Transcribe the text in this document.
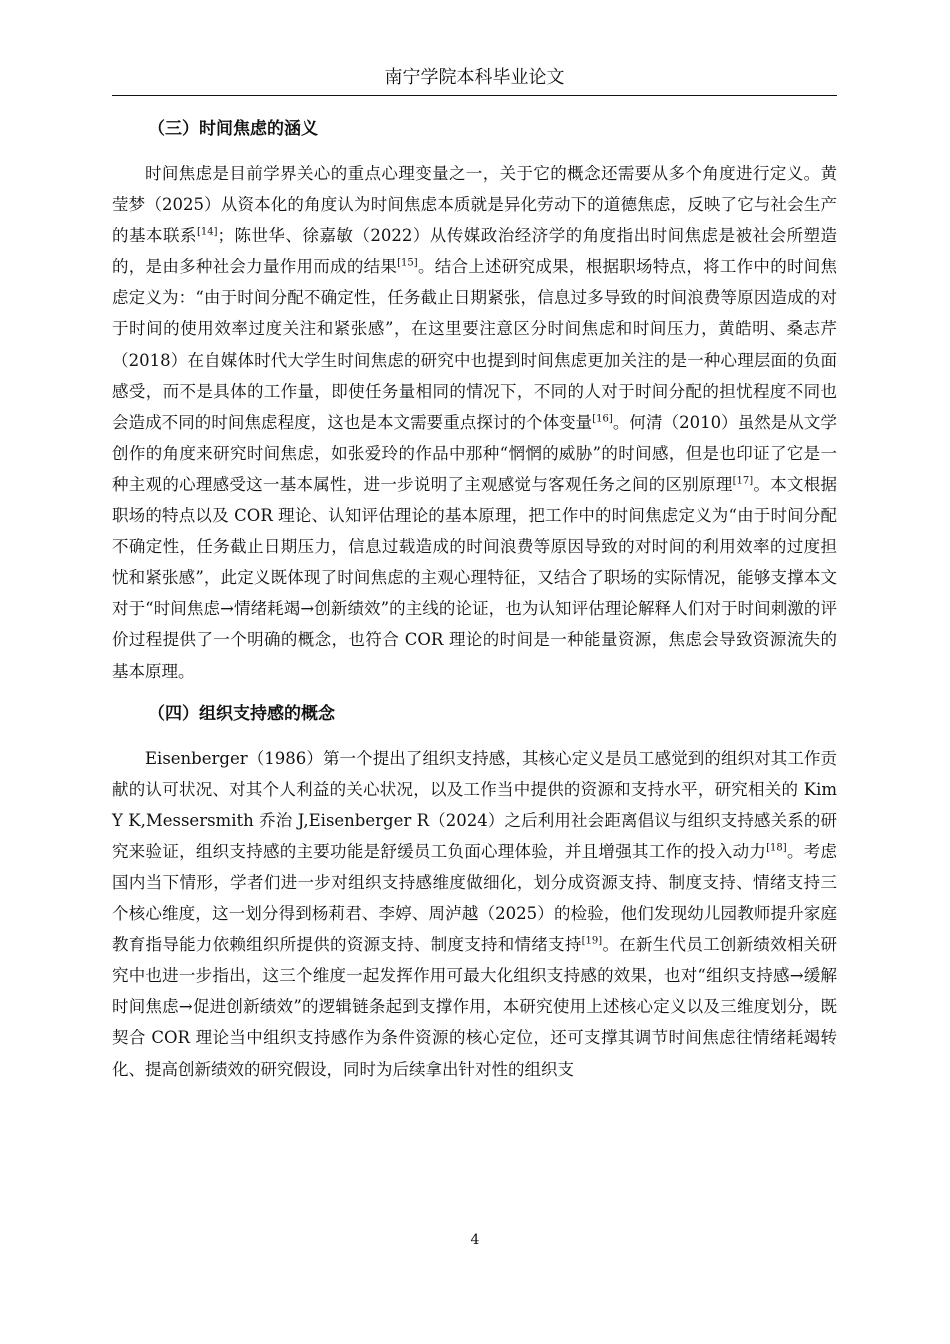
南宁学院本科毕业论文
（三）时间焦虑的涵义

时间焦虑是目前学界关心的重点心理变量之一，关于它的概念还需要从多个角度进行定义。黄莹梦（2025）从资本化的角度认为时间焦虑本质就是异化劳动下的道德焦虑，反映了它与社会生产的基本联系[14]；陈世华、徐嘉敏（2022）从传媒政治经济学的角度指出时间焦虑是被社会所塑造的，是由多种社会力量作用而成的结果[15]。结合上述研究成果，根据职场特点，将工作中的时间焦虑定义为：“由于时间分配不确定性，任务截止日期紧张，信息过多导致的时间浪费等原因造成的对于时间的使用效率过度关注和紧张感”，在这里要注意区分时间焦虑和时间压力，黄皓明、桑志芹（2018）在自媒体时代大学生时间焦虑的研究中也提到时间焦虑更加关注的是一种心理层面的负面感受，而不是具体的工作量，即使任务量相同的情况下，不同的人对于时间分配的担忧程度不同也会造成不同的时间焦虑程度，这也是本文需要重点探讨的个体变量[16]。何清（2010）虽然是从文学创作的角度来研究时间焦虑，如张爱玲的作品中那种“惘惘的威胁”的时间感，但是也印证了它是一种主观的心理感受这一基本属性，进一步说明了主观感觉与客观任务之间的区别原理[17]。本文根据职场的特点以及 COR 理论、认知评估理论的基本原理，把工作中的时间焦虑定义为“由于时间分配不确定性，任务截止日期压力，信息过载造成的时间浪费等原因导致的对时间的利用效率的过度担忧和紧张感”，此定义既体现了时间焦虑的主观心理特征，又结合了职场的实际情况，能够支撑本文对于“时间焦虑→情绪耗竭→创新绩效”的主线的论证，也为认知评估理论解释人们对于时间刺激的评价过程提供了一个明确的概念，也符合 COR 理论的时间是一种能量资源，焦虑会导致资源流失的基本原理。

（四）组织支持感的概念

Eisenberger（1986）第一个提出了组织支持感，其核心定义是员工感觉到的组织对其工作贡献的认可状况、对其个人利益的关心状况，以及工作当中提供的资源和支持水平，研究相关的 Kim Y K,Messersmith 乔治 J,Eisenberger R（2024）之后利用社会距离倡议与组织支持感关系的研究来验证，组织支持感的主要功能是舒缓员工负面心理体验，并且增强其工作的投入动力[18]。考虑国内当下情形，学者们进一步对组织支持感维度做细化，划分成资源支持、制度支持、情绪支持三个核心维度，这一划分得到杨莉君、李婷、周泸越（2025）的检验，他们发现幼儿园教师提升家庭教育指导能力依赖组织所提供的资源支持、制度支持和情绪支持[19]。在新生代员工创新绩效相关研究中也进一步指出，这三个维度一起发挥作用可最大化组织支持感的效果，也对“组织支持感→缓解时间焦虑→促进创新绩效”的逻辑链条起到支撑作用，本研究使用上述核心定义以及三维度划分，既契合 COR 理论当中组织支持感作为条件资源的核心定位，还可支撑其调节时间焦虑往情绪耗竭转化、提高创新绩效的研究假设，同时为后续拿出针对性的组织支

4
